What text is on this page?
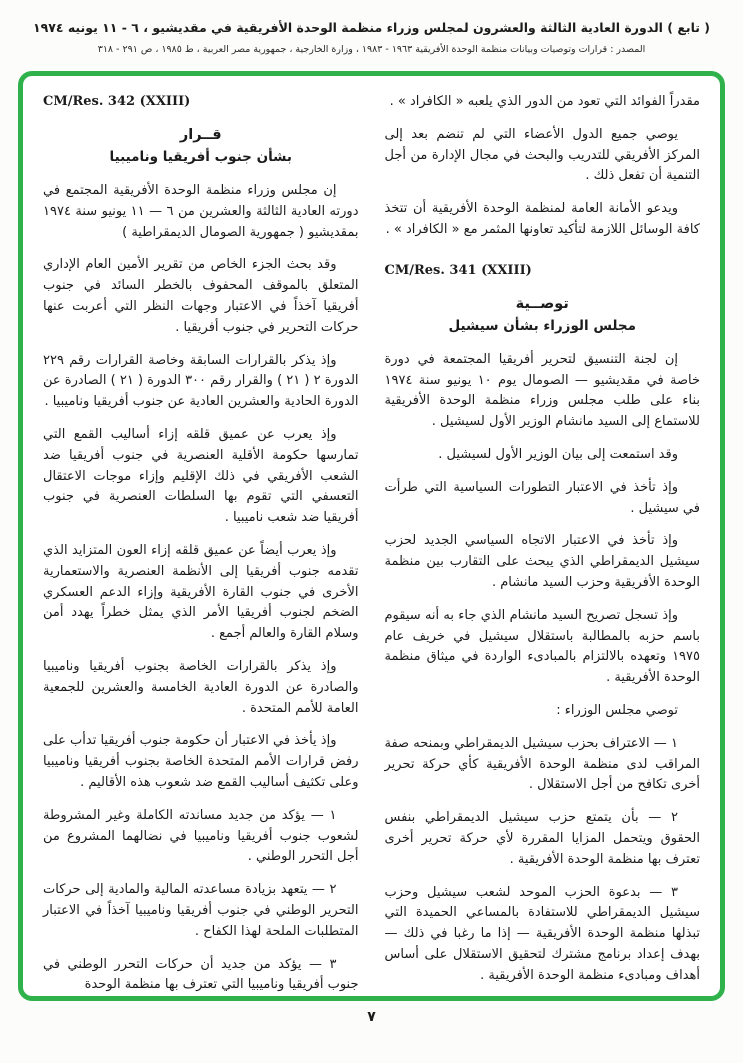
( تابع ) الدورة العادية الثالثة والعشرون لمجلس وزراء منظمة الوحدة الأفريقية في مقديشيو ، ٦ - ١١ يونيه ١٩٧٤
المصدر : قرارات وتوصيات وبيانات منظمة الوحدة الأفريقية ١٩٦٣ - ١٩٨٣ ، وزارة الخارجية ، جمهورية مصر العربية ، ط ١٩٨٥ ، ص ٢٩١ - ٣١٨

مقدراً الفوائد التي تعود من الدور الذي يلعبه « الكافراد » .

يوصي جميع الدول الأعضاء التي لم تنضم بعد إلى المركز الأفريقي للتدريب والبحث في مجال الإدارة من أجل التنمية أن تفعل ذلك .

ويدعو الأمانة العامة لمنظمة الوحدة الأفريقية أن تتخذ كافة الوسائل اللازمة لتأكيد تعاونها المثمر مع « الكافراد » .

CM/Res. 341 (XXIII)
توصــية
مجلس الوزراء بشأن سيشيل

إن لجنة التنسيق لتحرير أفريقيا المجتمعة في دورة خاصة في مقديشيو — الصومال يوم ١٠ يونيو سنة ١٩٧٤ بناء على طلب مجلس وزراء منظمة الوحدة الأفريقية للاستماع إلى السيد مانشام الوزير الأول لسيشيل .

وقد استمعت إلى بيان الوزير الأول لسيشيل .

وإذ تأخذ في الاعتبار التطورات السياسية التي طرأت في سيشيل .

وإذ تأخذ في الاعتبار الاتجاه السياسي الجديد لحزب سيشيل الديمقراطي الذي يبحث على التقارب بين منظمة الوحدة الأفريقية وحزب السيد مانشام .

وإذ تسجل تصريح السيد مانشام الذي جاء به أنه سيقوم باسم حزبه بالمطالبة باستقلال سيشيل في خريف عام ١٩٧٥ وتعهده بالالتزام بالمبادىء الواردة في ميثاق منظمة الوحدة الأفريقية .

توصي مجلس الوزراء :

١ — الاعتراف بحزب سيشيل الديمقراطي وبمنحه صفة المراقب لدى منظمة الوحدة الأفريقية كأي حركة تحرير أخرى تكافح من أجل الاستقلال .

٢ — بأن يتمتع حزب سيشيل الديمقراطي بنفس الحقوق ويتحمل المزايا المقررة لأي حركة تحرير أخرى تعترف بها منظمة الوحدة الأفريقية .

٣ — بدعوة الحزب الموحد لشعب سيشيل وحزب سيشيل الديمقراطي للاستفادة بالمساعي الحميدة التي تبذلها منظمة الوحدة الأفريقية — إذا ما رغبا في ذلك — بهدف إعداد برنامج مشترك لتحقيق الاستقلال على أساس أهداف ومبادىء منظمة الوحدة الأفريقية .

CM/Res. 342 (XXIII)
قــرار
بشأن جنوب أفريقيا وناميبيا

إن مجلس وزراء منظمة الوحدة الأفريقية المجتمع في دورته العادية الثالثة والعشرين من ٦ — ١١ يونيو سنة ١٩٧٤ بمقديشيو ( جمهورية الصومال الديمقراطية )

وقد بحث الجزء الخاص من تقرير الأمين العام الإداري المتعلق بالموقف المحفوف بالخطر السائد في جنوب أفريقيا آخذاً في الاعتبار وجهات النظر التي أعربت عنها حركات التحرير في جنوب أفريقيا .

وإذ يذكر بالقرارات السابقة وخاصة القرارات رقم ٢٢٩ الدورة ٢ ( ٢١ ) والقرار رقم ٣٠٠ الدورة ( ٢١ ) الصادرة عن الدورة الحادية والعشرين العادية عن جنوب أفريقيا وناميبيا .

وإذ يعرب عن عميق قلقه إزاء أساليب القمع التي تمارسها حكومة الأقلية العنصرية في جنوب أفريقيا ضد الشعب الأفريقي في ذلك الإقليم وإزاء موجات الاعتقال التعسفي التي تقوم بها السلطات العنصرية في جنوب أفريقيا ضد شعب ناميبيا .

وإذ يعرب أيضاً عن عميق قلقه إزاء العون المتزايد الذي تقدمه جنوب أفريقيا إلى الأنظمة العنصرية والاستعمارية الأخرى في جنوب القارة الأفريقية وإزاء الدعم العسكري الضخم لجنوب أفريقيا الأمر الذي يمثل خطراً يهدد أمن وسلام القارة والعالم أجمع .

وإذ يذكر بالقرارات الخاصة بجنوب أفريقيا وناميبيا والصادرة عن الدورة العادية الخامسة والعشرين للجمعية العامة للأمم المتحدة .

وإذ يأخذ في الاعتبار أن حكومة جنوب أفريقيا تدأب على رفض قرارات الأمم المتحدة الخاصة بجنوب أفريقيا وناميبيا وعلى تكثيف أساليب القمع ضد شعوب هذه الأقاليم .

١ — يؤكد من جديد مساندته الكاملة وغير المشروطة لشعوب جنوب أفريقيا وناميبيا في نضالهما المشروع من أجل التحرر الوطني .

٢ — يتعهد بزيادة مساعدته المالية والمادية إلى حركات التحرير الوطني في جنوب أفريقيا وناميبيا آخذاً في الاعتبار المتطلبات الملحة لهذا الكفاح .

٣ — يؤكد من جديد أن حركات التحرر الوطني في جنوب أفريقيا وناميبيا التي تعترف بها منظمة الوحدة

٧
